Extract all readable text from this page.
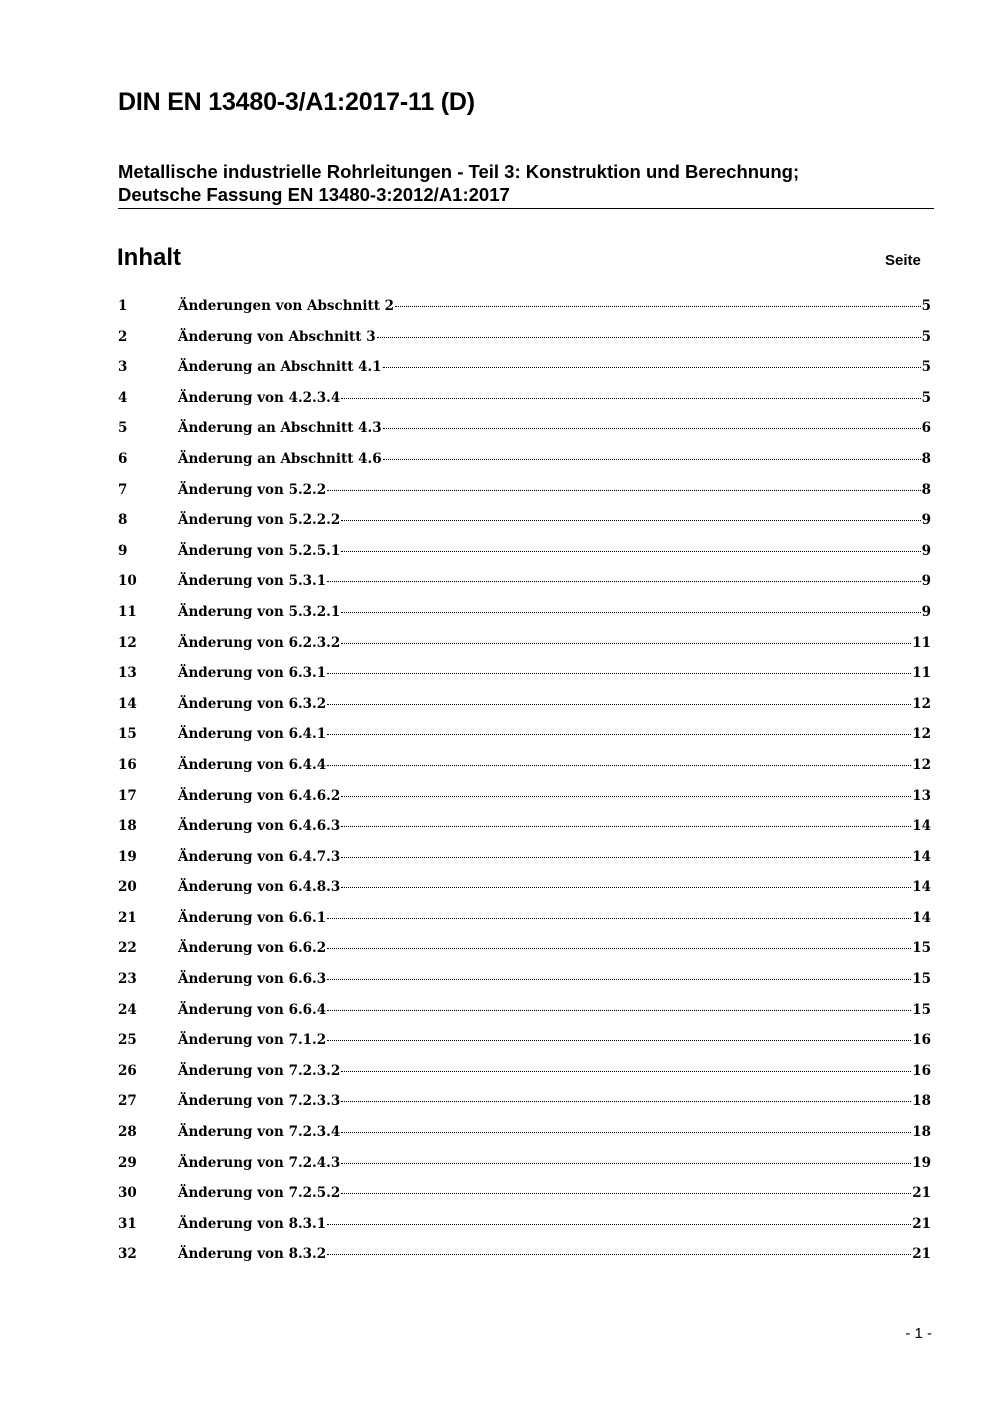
DIN EN 13480-3/A1:2017-11 (D)
Metallische industrielle Rohrleitungen - Teil 3: Konstruktion und Berechnung;
Deutsche Fassung EN 13480-3:2012/A1:2017
Inhalt	Seite
1	Änderungen von Abschnitt 2	5
2	Änderung von Abschnitt 3	5
3	Änderung an Abschnitt 4.1	5
4	Änderung von 4.2.3.4	5
5	Änderung an Abschnitt 4.3	6
6	Änderung an Abschnitt 4.6	8
7	Änderung von 5.2.2	8
8	Änderung von 5.2.2.2	9
9	Änderung von 5.2.5.1	9
10	Änderung von 5.3.1	9
11	Änderung von 5.3.2.1	9
12	Änderung von 6.2.3.2	11
13	Änderung von 6.3.1	11
14	Änderung von 6.3.2	12
15	Änderung von 6.4.1	12
16	Änderung von 6.4.4	12
17	Änderung von 6.4.6.2	13
18	Änderung von 6.4.6.3	14
19	Änderung von 6.4.7.3	14
20	Änderung von 6.4.8.3	14
21	Änderung von 6.6.1	14
22	Änderung von 6.6.2	15
23	Änderung von 6.6.3	15
24	Änderung von 6.6.4	15
25	Änderung von 7.1.2	16
26	Änderung von 7.2.3.2	16
27	Änderung von 7.2.3.3	18
28	Änderung von 7.2.3.4	18
29	Änderung von 7.2.4.3	19
30	Änderung von 7.2.5.2	21
31	Änderung von 8.3.1	21
32	Änderung von 8.3.2	21
- 1 -
